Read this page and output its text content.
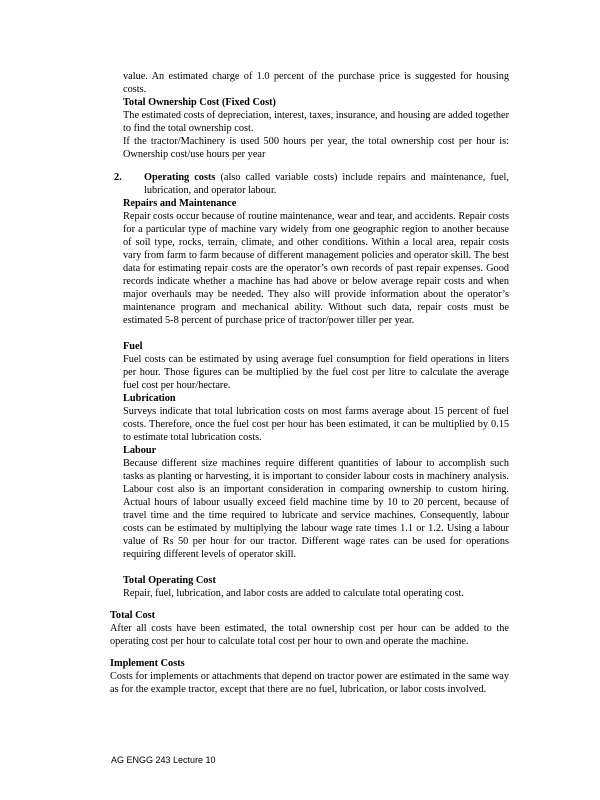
value. An estimated charge of 1.0 percent of the purchase price is suggested for housing costs.
Total Ownership Cost (Fixed Cost)
The estimated costs of depreciation, interest, taxes, insurance, and housing are added together to find the total ownership cost.
If the tractor/Machinery is used 500 hours per year, the total ownership cost per hour is: Ownership cost/use hours per year
2. Operating costs (also called variable costs) include repairs and maintenance, fuel, lubrication, and operator labour.
Repairs and Maintenance
Repair costs occur because of routine maintenance, wear and tear, and accidents. Repair costs for a particular type of machine vary widely from one geographic region to another because of soil type, rocks, terrain, climate, and other conditions. Within a local area, repair costs vary from farm to farm because of different management policies and operator skill. The best data for estimating repair costs are the operator’s own records of past repair expenses. Good records indicate whether a machine has had above or below average repair costs and when major overhauls may be needed. They also will provide information about the operator’s maintenance program and mechanical ability. Without such data, repair costs must be estimated 5-8 percent of purchase price of tractor/power tiller per year.
Fuel
Fuel costs can be estimated by using average fuel consumption for field operations in liters per hour. Those figures can be multiplied by the fuel cost per litre to calculate the average fuel cost per hour/hectare.
Lubrication
Surveys indicate that total lubrication costs on most farms average about 15 percent of fuel costs. Therefore, once the fuel cost per hour has been estimated, it can be multiplied by 0.15 to estimate total lubrication costs.
Labour
Because different size machines require different quantities of labour to accomplish such tasks as planting or harvesting, it is important to consider labour costs in machinery analysis. Labour cost also is an important consideration in comparing ownership to custom hiring. Actual hours of labour usually exceed field machine time by 10 to 20 percent, because of travel time and the time required to lubricate and service machines. Consequently, labour costs can be estimated by multiplying the labour wage rate times 1.1 or 1.2. Using a labour value of Rs 50 per hour for our tractor. Different wage rates can be used for operations requiring different levels of operator skill.
Total Operating Cost
Repair, fuel, lubrication, and labor costs are added to calculate total operating cost.
Total Cost
After all costs have been estimated, the total ownership cost per hour can be added to the operating cost per hour to calculate total cost per hour to own and operate the machine.
Implement Costs
Costs for implements or attachments that depend on tractor power are estimated in the same way as for the example tractor, except that there are no fuel, lubrication, or labor costs involved.
AG ENGG 243 Lecture 10
